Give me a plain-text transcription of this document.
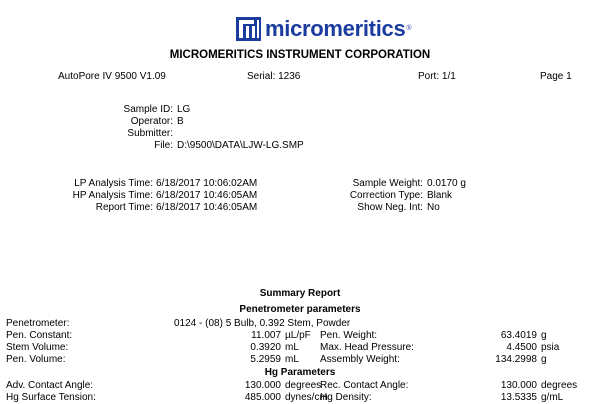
micromeritics ®
MICROMERITICS INSTRUMENT CORPORATION
AutoPore IV 9500 V1.09	Serial: 1236	Port: 1/1	Page 1
Sample ID: LG
Operator: B
Submitter:
File: D:\9500\DATA\LJW-LG.SMP
LP Analysis Time: 6/18/2017 10:06:02AM
HP Analysis Time: 6/18/2017 10:46:05AM
Report Time: 6/18/2017 10:46:05AM
Sample Weight: 0.0170 g
Correction Type: Blank
Show Neg. Int: No
Summary Report
Penetrometer parameters
Penetrometer:	0124 - (08) 5 Bulb, 0.392 Stem, Powder
Pen. Constant:	11.007 µL/pF
Stem Volume:	0.3920 mL
Pen. Volume:	5.2959 mL
Pen. Weight:	63.4019 g
Max. Head Pressure:	4.4500 psia
Assembly Weight:	134.2998 g
Hg Parameters
Adv. Contact Angle:	130.000 degrees
Hg Surface Tension:	485.000 dynes/cm
Rec. Contact Angle:	130.000 degrees
Hg Density:	13.5335 g/mL
